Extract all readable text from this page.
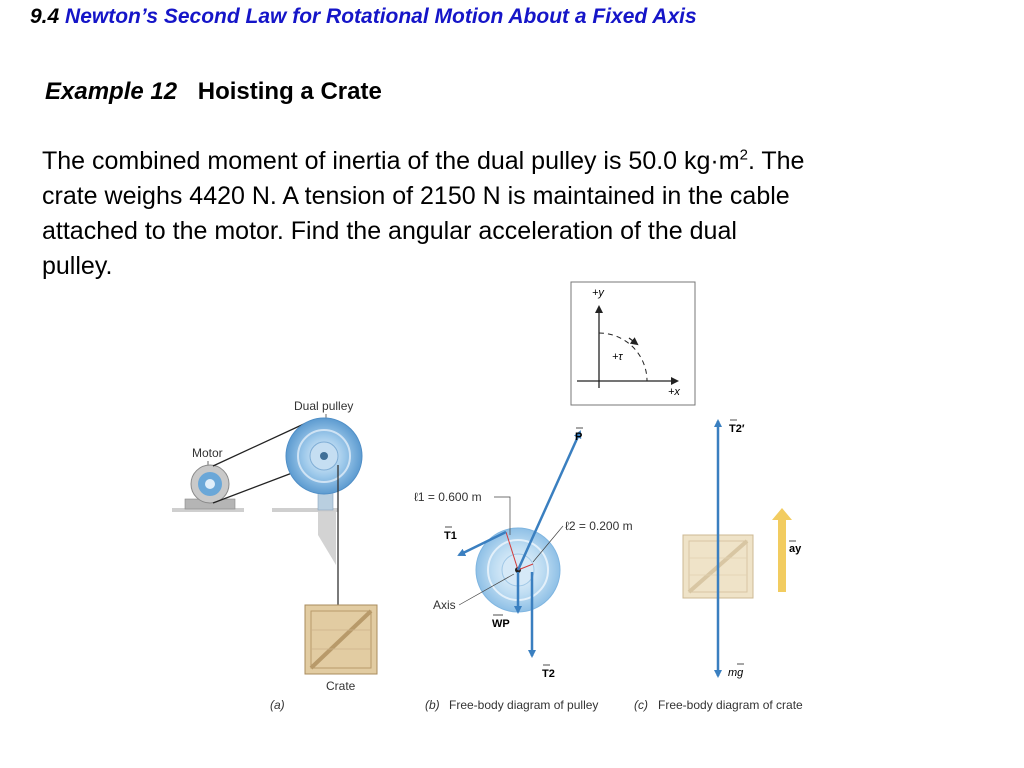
9.4 Newton’s Second Law for Rotational Motion About a Fixed Axis
Example 12 Hoisting a Crate

The combined moment of inertia of the dual pulley is 50.0 $kg\cdot m^2$. The

crate weighs 4420 N. A tension of 2150 N is maintained in the cable

attached to the motor. Find the angular acceleration of the dual

pulley.

+y
+x
+τ
Dual pulley
Motor
Crate
(a)
P
ℓ1 = 0.600 m
ℓ2 = 0.200 m
T1
Axis
WP
T2
(b) Free-body diagram of pulley
T2′
ay
mg
(c) Free-body diagram of crate
